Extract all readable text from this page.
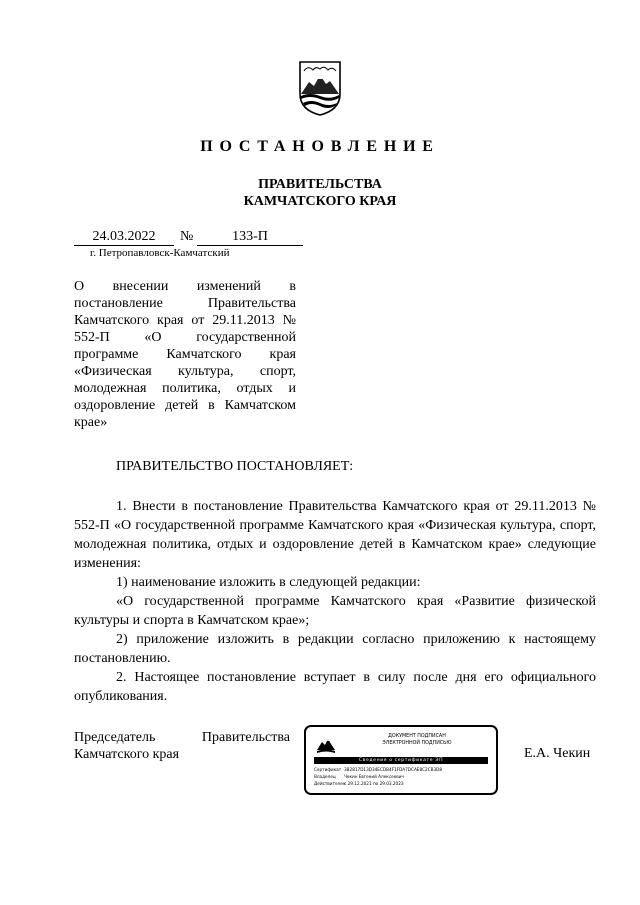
ПОСТАНОВЛЕНИЕ
ПРАВИТЕЛЬСТВА
КАМЧАТСКОГО КРАЯ
24.03.2022	№	133-П
г. Петропавловск-Камчатский
О внесении изменений в постановление Правительства Камчатского края от 29.11.2013 № 552-П «О государственной программе Камчатского края «Физическая культура, спорт, молодежная политика, отдых и оздоровление детей в Камчатском крае»
ПРАВИТЕЛЬСТВО ПОСТАНОВЛЯЕТ:

1. Внести в постановление Правительства Камчатского края от 29.11.2013 № 552-П «О государственной программе Камчатского края «Физическая культура, спорт, молодежная политика, отдых и оздоровление детей в Камчатском крае» следующие изменения:

1) наименование изложить в следующей редакции:

«О государственной программе Камчатского края «Развитие физической культуры и спорта в Камчатском крае»;

2) приложение изложить в редакции согласно приложению к настоящему постановлению.

2. Настоящее постановление вступает в силу после дня его официального опубликования.

Председатель	Правительства
Камчатского края
ДОКУМЕНТ ПОДПИСАН
ЭЛЕКТРОННОЙ ПОДПИСЬЮ
Сведения о сертификате ЭП
Сертификат 3B2817D13D34ECDB4F1FDA7DCAE8C2CB3D8
Владелец Чекин Евгений Алексеевич
Действителенс 29.12.2021 по 29.03.2023
Е.А. Чекин
